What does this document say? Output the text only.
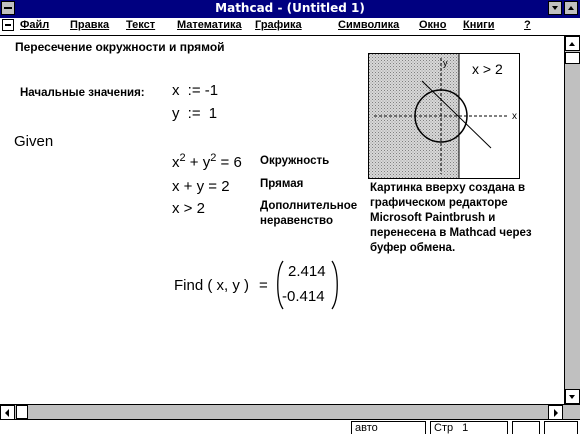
Mathcad - (Untitled 1)
Файл Правка Текст Математика Графика	Символика Окно Книги	?
Пересечение окружности и прямой
Начальные значения: x := -1
y := 1
Given
$x^2 + y^2 = 6$ Окружность
x + y = 2	Прямая
x > 2	Дополнительное
неравенство
Find ( x, y ) =
2.414
-0.414
x
y x > 2
Картинка вверху создана в
графическом редакторе
Microsoft Paintbrush и
перенесена в Mathcad через
буфер обмена.
авто	Стр 1
